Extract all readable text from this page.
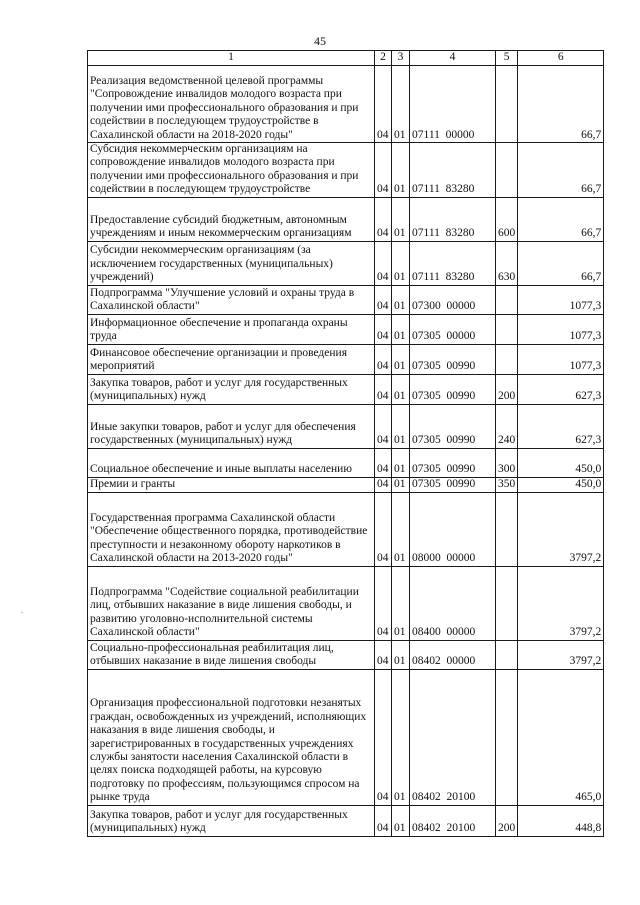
45
1	2	3	4	5	6
Реализация ведомственной целевой программы "Сопровождение инвалидов молодого возраста при получении ими профессионального образования и при содействии в последующем трудоустройстве в Сахалинской области на 2018-2020 годы"	04	01	07111  00000		66,7
Субсидия некоммерческим организациям на сопровождение инвалидов молодого возраста при получении ими профессионального образования и при содействии в последующем трудоустройстве	04	01	07111  83280		66,7
Предоставление субсидий бюджетным, автономным учреждениям и иным некоммерческим организациям	04	01	07111  83280	600	66,7
Субсидии некоммерческим организациям (за исключением государственных (муниципальных) учреждений)	04	01	07111  83280	630	66,7
Подпрограмма "Улучшение условий и охраны труда в Сахалинской области"	04	01	07300  00000		1077,3
Информационное обеспечение и пропаганда охраны труда	04	01	07305  00000		1077,3
Финансовое обеспечение организации и проведения мероприятий	04	01	07305  00990		1077,3
Закупка товаров, работ и услуг для государственных (муниципальных) нужд	04	01	07305  00990	200	627,3
Иные закупки товаров, работ и услуг для обеспечения государственных (муниципальных) нужд	04	01	07305  00990	240	627,3
Социальное обеспечение и иные выплаты населению	04	01	07305  00990	300	450,0
Премии и гранты	04	01	07305  00990	350	450,0
Государственная программа Сахалинской области "Обеспечение общественного порядка, противодействие преступности и незаконному обороту наркотиков в Сахалинской области на 2013-2020 годы"	04	01	08000  00000		3797,2
Подпрограмма "Содействие социальной реабилитации лиц, отбывших наказание в виде лишения свободы, и развитию уголовно-исполнительной системы Сахалинской области"	04	01	08400  00000		3797,2
Социально-профессиональная реабилитация лиц, отбывших наказание в виде лишения свободы	04	01	08402  00000		3797,2
Организация профессиональной подготовки незанятых граждан, освобожденных из учреждений, исполняющих наказания в виде лишения свободы, и зарегистрированных в государственных учреждениях службы занятости населения Сахалинской области в целях поиска подходящей работы, на курсовую подготовку по профессиям, пользующимся спросом на рынке труда	04	01	08402  20100		465,0
Закупка товаров, работ и услуг для государственных (муниципальных) нужд	04	01	08402  20100	200	448,8
·
